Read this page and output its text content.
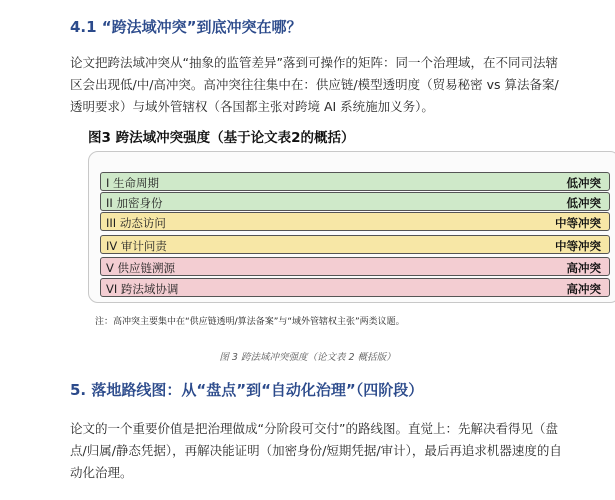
4.1 “跨法域冲突”到底冲突在哪？
论文把跨法域冲突从“抽象的监管差异”落到可操作的矩阵：同一个治理域，在不同司法辖区会出现低/中/高冲突。高冲突往往集中在：供应链/模型透明度（贸易秘密 vs 算法备案/透明要求）与域外管辖权（各国都主张对跨境 AI 系统施加义务）。
图3 跨法域冲突强度（基于论文表2的概括）
I 生命周期	低冲突
II 加密身份	低冲突
III 动态访问	中等冲突
IV 审计问责	中等冲突
V 供应链溯源	高冲突
VI 跨法域协调	高冲突
注：高冲突主要集中在“供应链透明/算法备案”与“域外管辖权主张”两类议题。
图 3 跨法域冲突强度（论文表 2 概括版）
5. 落地路线图：从“盘点”到“自动化治理”（四阶段）
论文的一个重要价值是把治理做成“分阶段可交付”的路线图。直觉上：先解决看得见（盘点/归属/静态凭据），再解决能证明（加密身份/短期凭据/审计），最后再追求机器速度的自动化治理。
